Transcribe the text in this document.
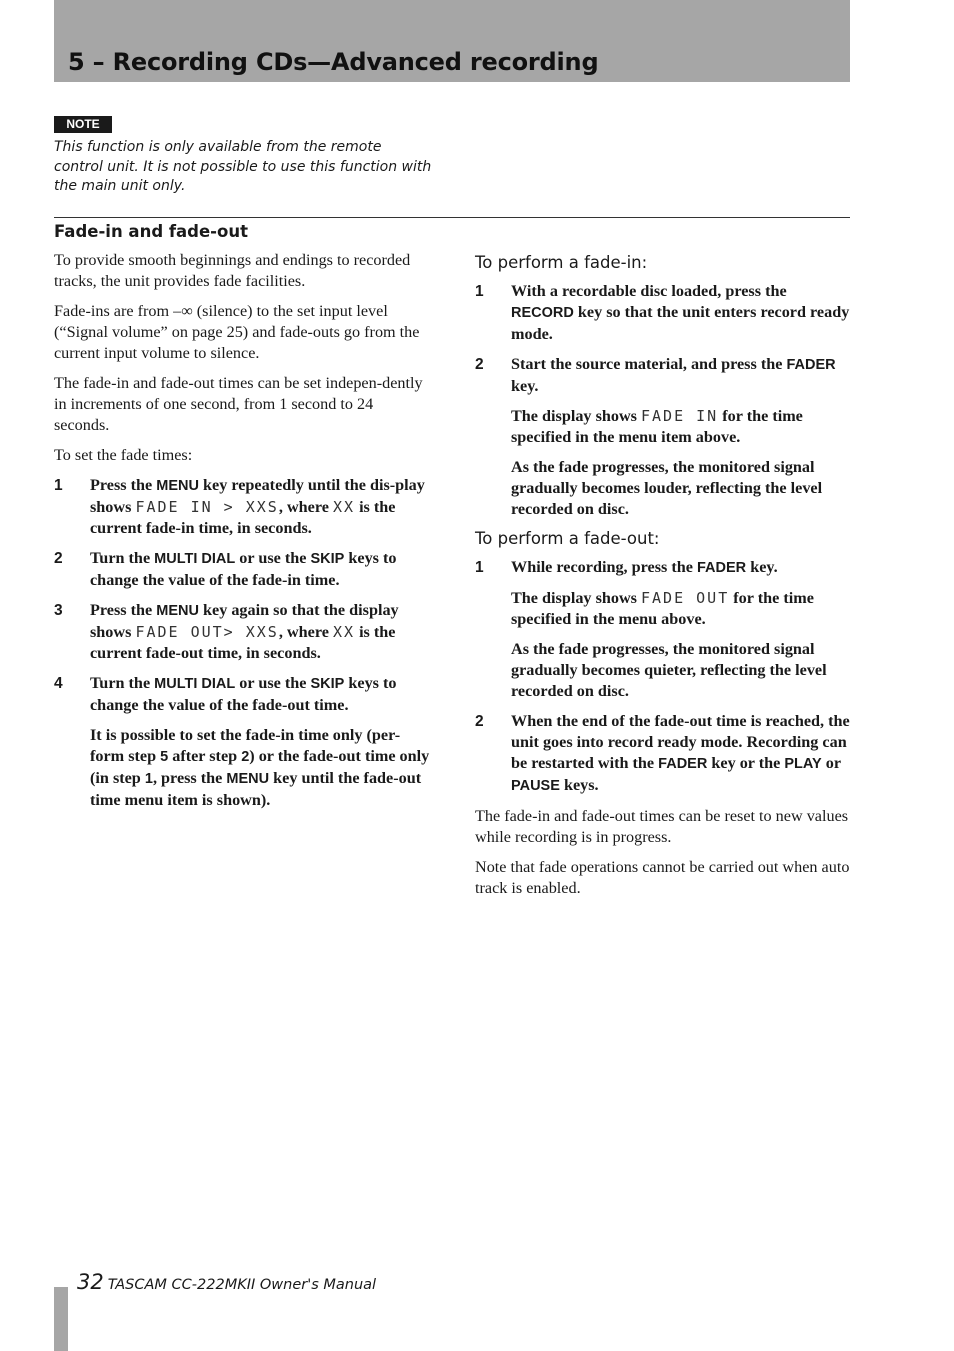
5 – Recording CDs—Advanced recording
NOTE
This function is only available from the remote control unit. It is not possible to use this function with the main unit only.
Fade-in and fade-out
To provide smooth beginnings and endings to recorded tracks, the unit provides fade facilities.
Fade-ins are from –∞ (silence) to the set input level (“Signal volume” on page 25) and fade-outs go from the current input volume to silence.
The fade-in and fade-out times can be set indepen-dently in increments of one second, from 1 second to 24 seconds.
To set the fade times:
1 Press the MENU key repeatedly until the dis-play shows FADE IN > XXS, where XX is the current fade-in time, in seconds.
2 Turn the MULTI DIAL or use the SKIP keys to change the value of the fade-in time.
3 Press the MENU key again so that the display shows FADE OUT> XXS, where XX is the current fade-out time, in seconds.
4 Turn the MULTI DIAL or use the SKIP keys to change the value of the fade-out time.
It is possible to set the fade-in time only (per-form step 5 after step 2) or the fade-out time only (in step 1, press the MENU key until the fade-out time menu item is shown).
To perform a fade-in:
1 With a recordable disc loaded, press the RECORD key so that the unit enters record ready mode.
2 Start the source material, and press the FADER key.
The display shows FADE IN for the time specified in the menu item above.
As the fade progresses, the monitored signal gradually becomes louder, reflecting the level recorded on disc.
To perform a fade-out:
1 While recording, press the FADER key.
The display shows FADE OUT for the time specified in the menu above.
As the fade progresses, the monitored signal gradually becomes quieter, reflecting the level recorded on disc.
2 When the end of the fade-out time is reached, the unit goes into record ready mode. Recording can be restarted with the FADER key or the PLAY or PAUSE keys.
The fade-in and fade-out times can be reset to new values while recording is in progress.
Note that fade operations cannot be carried out when auto track is enabled.
32 TASCAM CC-222MKII Owner's Manual
